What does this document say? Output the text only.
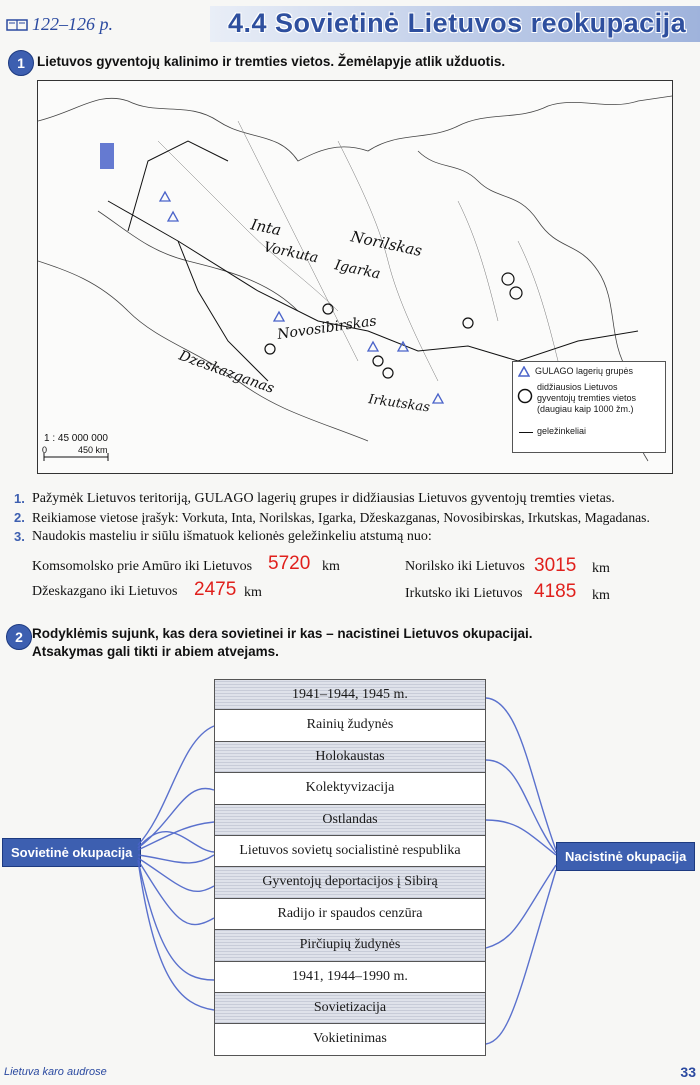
122–126 p.	4.4 Sovietinė Lietuvos reokupacija
1 Lietuvos gyventojų kalinimo ir tremties vietos. Žemėlapyje atlik užduotis.
Inta
Vorkuta Norilskas
Igarka
Dzeskazganas
Novosibirskas
Irkutskas
1 : 45 000 000
0	450 km
GULAGO lagerių grupės
didžiausios Lietuvos
gyventojų tremties vietos
(daugiau kaip 1000 žm.)
geležinkeliai
1. Pažymėk Lietuvos teritoriją, GULAGO lagerių grupes ir didžiausias Lietuvos gyventojų tremties vietas.
2. Reikiamose vietose įrašyk: Vorkuta, Inta, Norilskas, Igarka, Džeskazganas, Novosibirskas, Irkutskas, Magadanas.
3. Naudokis masteliu ir siūlu išmatuok kelionės geležinkeliu atstumą nuo:
Komsomolsko prie Amūro iki Lietuvos 5720 km	Norilsko iki Lietuvos 3015 km
Džeskazgano iki Lietuvos 2475 km	Irkutsko iki Lietuvos 4185 km
2 Rodyklėmis sujunk, kas dera sovietinei ir kas – nacistinei Lietuvos okupacijai.
Atsakymas gali tikti ir abiem atvejams.
1941–1944, 1945 m.
Rainių žudynės
Holokaustas
Kolektyvizacija
Ostlandas
Lietuvos sovietų socialistinė respublika
Gyventojų deportacijos į Sibirą
Radijo ir spaudos cenzūra
Pirčiupių žudynės
1941, 1944–1990 m.
Sovietizacija
Vokietinimas
Sovietinė okupacija	Nacistinė okupacija
Lietuva karo audrose	33
